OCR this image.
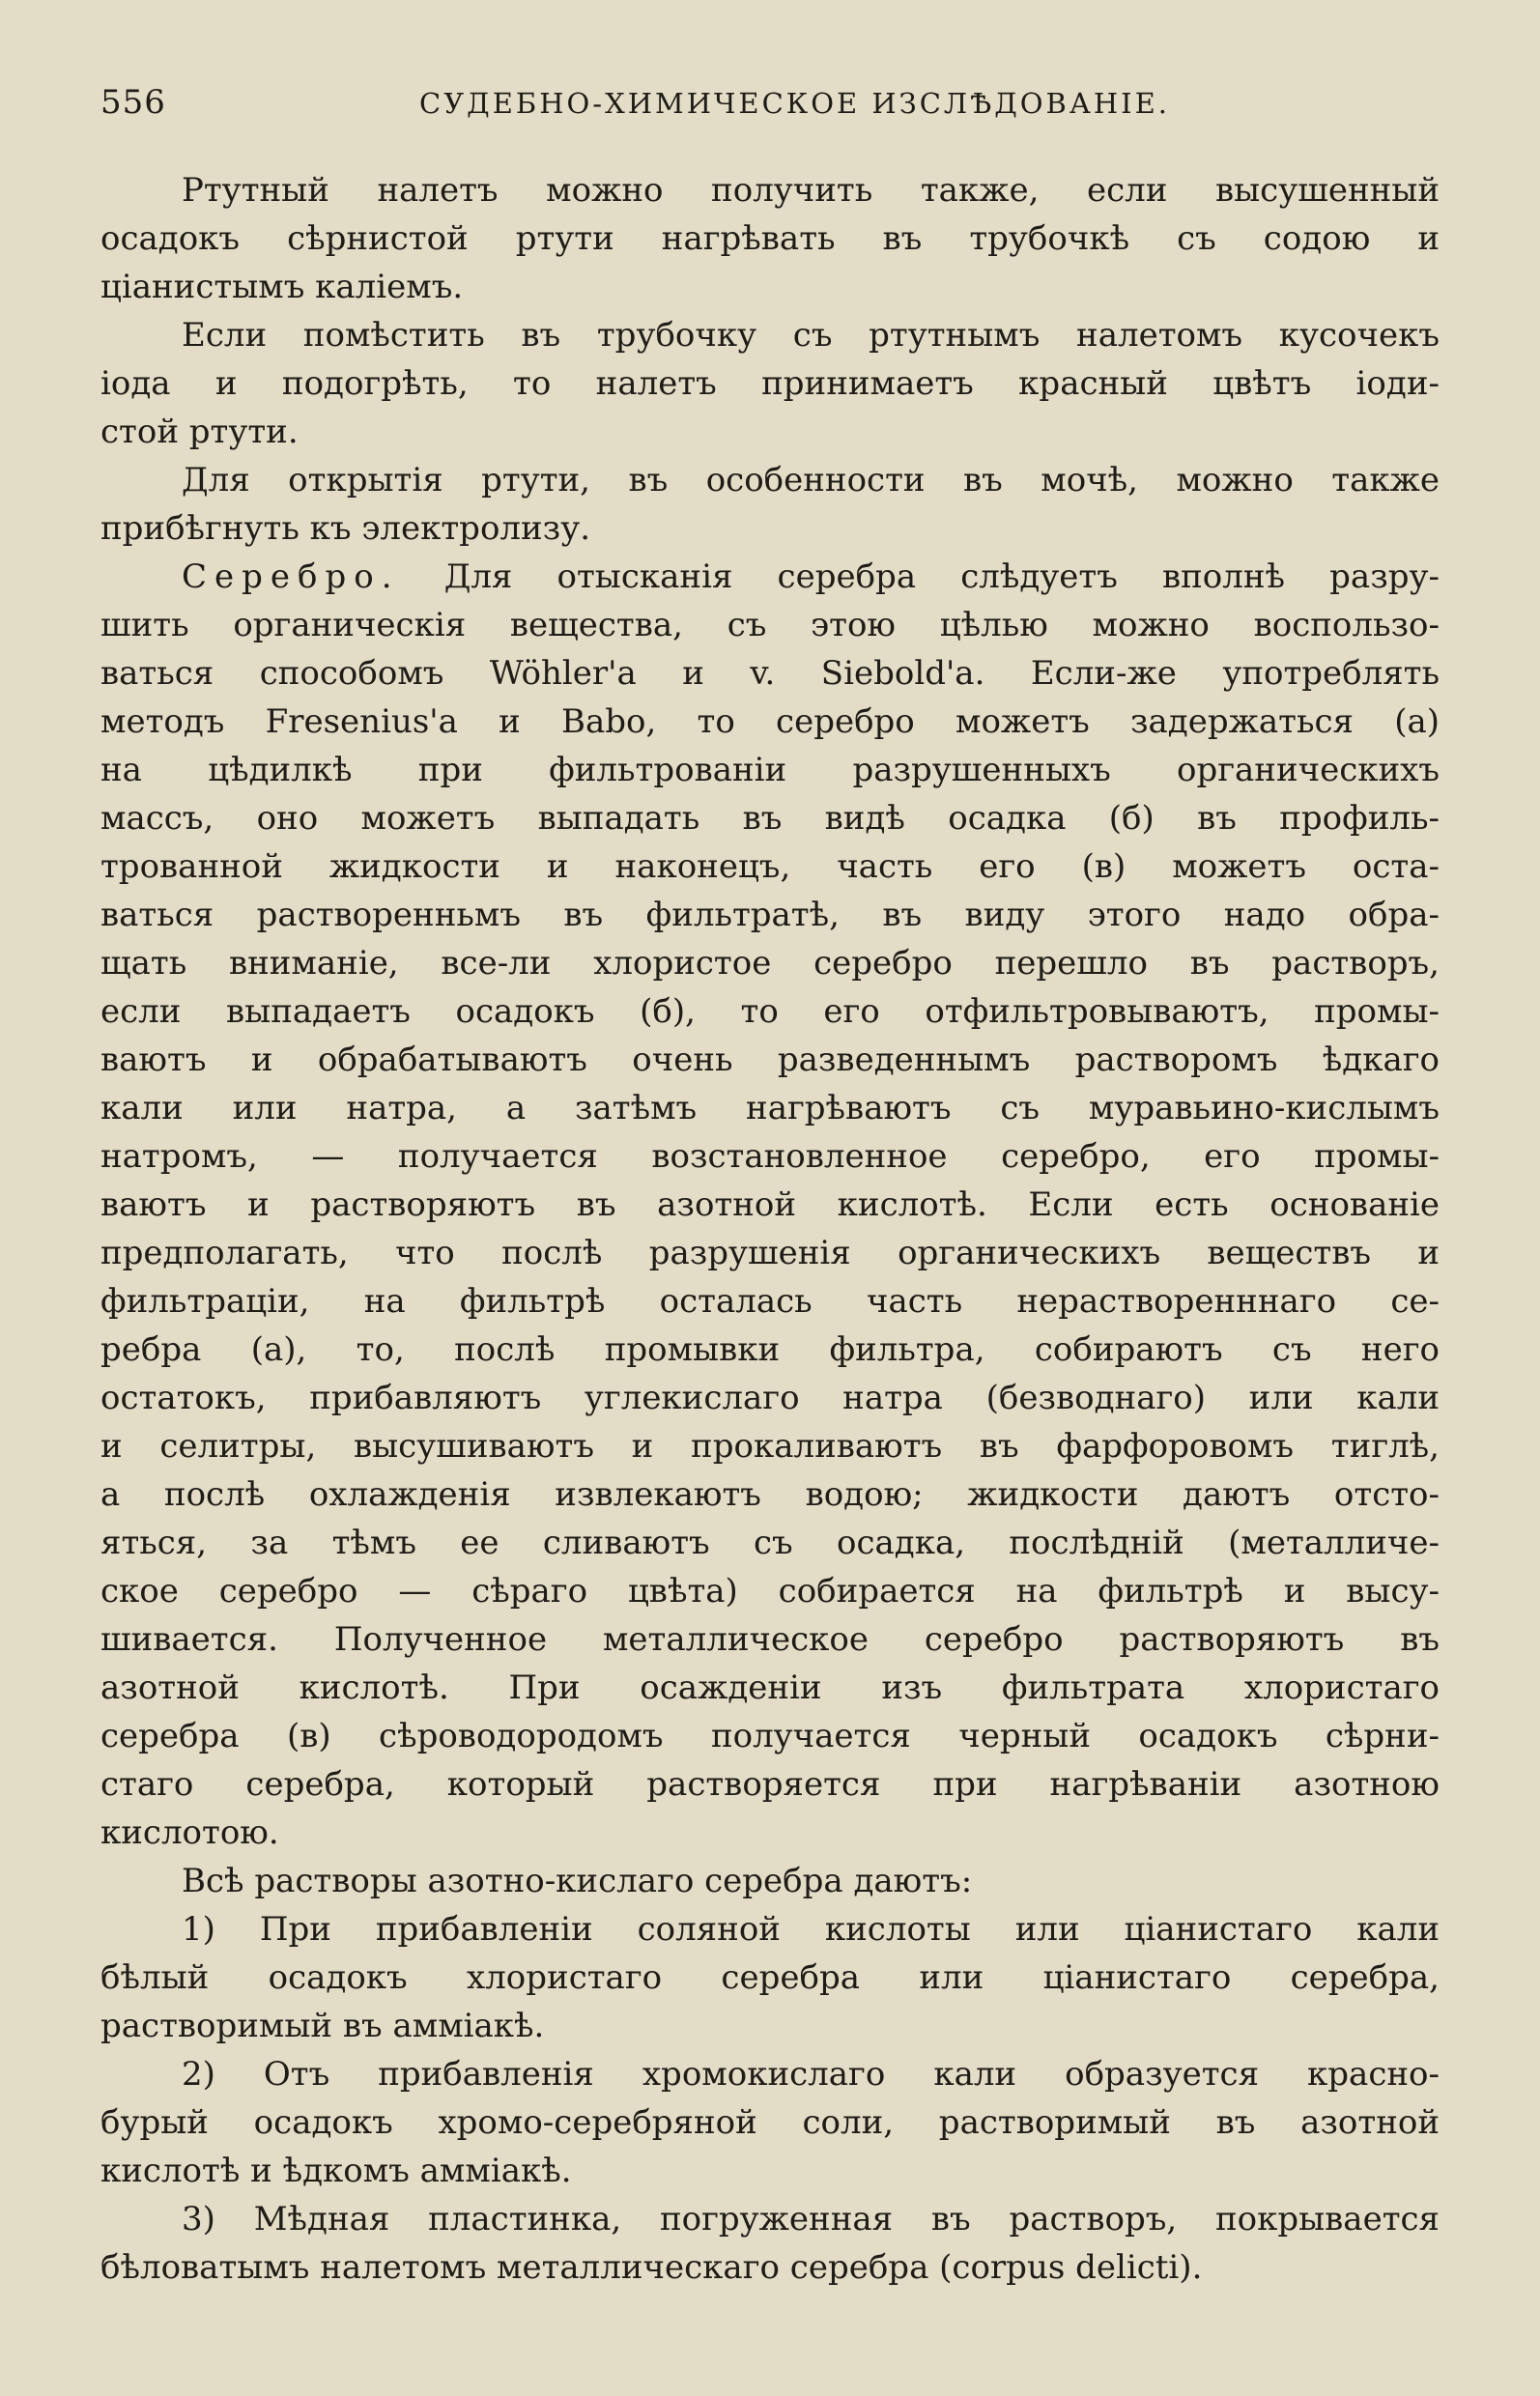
556	СУДЕБНО-ХИМИЧЕСКОЕ ИЗСЛѢДОВАНІЕ.
Ртутный налетъ можно получить также, если высушенный
осадокъ сѣрнистой ртути нагрѣвать въ трубочкѣ съ содою и
ціанистымъ каліемъ.
Если помѣстить въ трубочку съ ртутнымъ налетомъ кусочекъ
іода и подогрѣть, то налетъ принимаетъ красный цвѣтъ іоди-
стой ртути.
Для открытія ртути, въ особенности въ мочѣ, можно также
прибѣгнуть къ электролизу.
Серебро. Для отысканія серебра слѣдуетъ вполнѣ разру-
шить органическія вещества, съ этою цѣлью можно воспользо-
ваться способомъ Wöhler'а и v. Siebold'а. Если-же употреблять
методъ Fresenius'а и Babo, то серебро можетъ задержаться (а)
на цѣдилкѣ при фильтрованіи разрушенныхъ органическихъ
массъ, оно можетъ выпадать въ видѣ осадка (б) въ профиль-
трованной жидкости и наконецъ, часть его (в) можетъ оста-
ваться растворенньмъ въ фильтратѣ, въ виду этого надо обра-
щать вниманіе, все-ли хлористое серебро перешло въ растворъ,
если выпадаетъ осадокъ (б), то его отфильтровываютъ, промы-
ваютъ и обрабатываютъ очень разведеннымъ растворомъ ѣдкаго
кали или натра, а затѣмъ нагрѣваютъ съ муравьино-кислымъ
натромъ, — получается возстановленное серебро, его промы-
ваютъ и растворяютъ въ азотной кислотѣ. Если есть основаніе
предполагать, что послѣ разрушенія органическихъ веществъ и
фильтраціи, на фильтрѣ осталась часть нерастворенннаго се-
ребра (а), то, послѣ промывки фильтра, собираютъ съ него
остатокъ, прибавляютъ углекислаго натра (безводнаго) или кали
и селитры, высушиваютъ и прокаливаютъ въ фарфоровомъ тиглѣ,
а послѣ охлажденія извлекаютъ водою; жидкости даютъ отсто-
яться, за тѣмъ ее сливаютъ съ осадка, послѣдній (металличе-
ское серебро — сѣраго цвѣта) собирается на фильтрѣ и высу-
шивается. Полученное металлическое серебро растворяютъ въ
азотной кислотѣ. При осажденіи изъ фильтрата хлористаго
серебра (в) сѣроводородомъ получается черный осадокъ сѣрни-
стаго серебра, который растворяется при нагрѣваніи азотною
кислотою.
Всѣ растворы азотно-кислаго серебра даютъ:
1) При прибавленіи соляной кислоты или ціанистаго кали
бѣлый осадокъ хлористаго серебра или ціанистаго серебра,
растворимый въ амміакѣ.
2) Отъ прибавленія хромокислаго кали образуется красно-
бурый осадокъ хромо-серебряной соли, растворимый въ азотной
кислотѣ и ѣдкомъ амміакѣ.
3) Мѣдная пластинка, погруженная въ растворъ, покрывается
бѣловатымъ налетомъ металлическаго серебра (corpus delicti).
